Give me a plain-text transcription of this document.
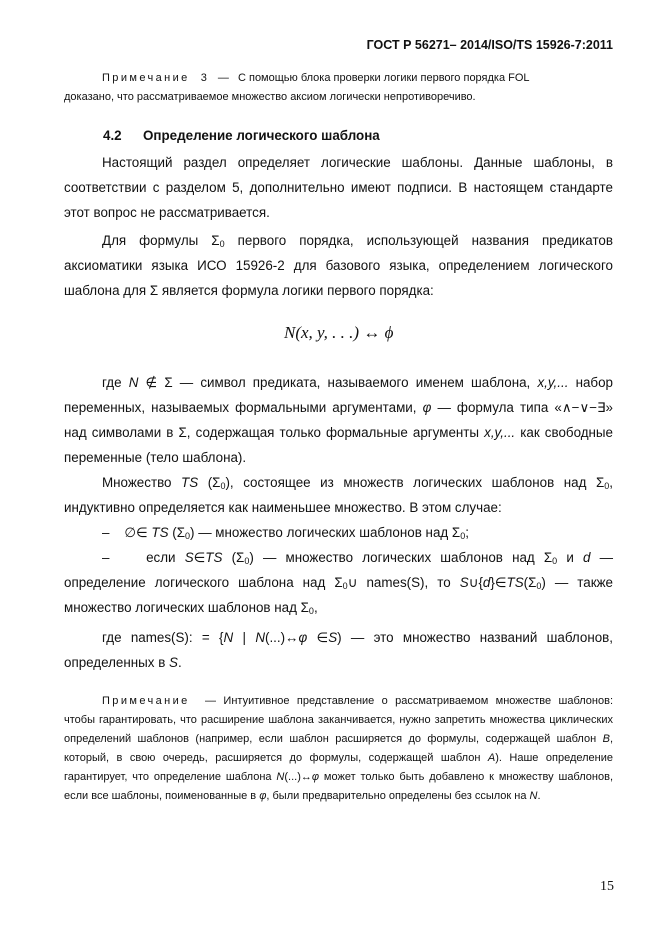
ГОСТ Р 56271– 2014/ISO/TS 15926-7:2011

Примечание 3 — С помощью блока проверки логики первого порядка FOL
доказано, что рассматриваемое множество аксиом логически непротиворечиво.

4.2 Определение логического шаблона

Настоящий раздел определяет логические шаблоны. Данные шаблоны, в соответствии с разделом 5, дополнительно имеют подписи. В настоящем стандарте этот вопрос не рассматривается.

Для формулы $\Sigma_0$ первого порядка, использующей названия предикатов аксиоматики языка ИСО 15926-2 для базового языка, определением логического шаблона для Σ является формула логики первого порядка:

N(x, y, . . .) ↔ ϕ

где N ∉ Σ — символ предиката, называемого именем шаблона, x,y,... набор переменных, называемых формальными аргументами, φ — формула типа «∧−∨−∃» над символами в Σ, содержащая только формальные аргументы x,y,... как свободные переменные (тело шаблона).

Множество TS $(\Sigma_0)$, состоящее из множеств логических шаблонов над $\Sigma_0$, индуктивно определяется как наименьшее множество. В этом случае:

– ∅∈ TS $(\Sigma_0)$ — множество логических шаблонов над $\Sigma_0$;

–	если S∈TS $(\Sigma_0)$ — множество логических шаблонов над $\Sigma_0$ и d — определение логического шаблона над $\Sigma_0\cup$ names(S), то $S\cup\{d\}\in TS(\Sigma_0)$ — также множество логических шаблонов над $\Sigma_0$,

где names(S): = {N | N(...)↔φ ∈S) — это множество названий шаблонов, определенных в S.

Примечание — Интуитивное представление о рассматриваемом множестве шаблонов: чтобы гарантировать, что расширение шаблона заканчивается, нужно запретить множества циклических определений шаблонов (например, если шаблон расширяется до формулы, содержащей шаблон B, который, в свою очередь, расширяется до формулы, содержащей шаблон A). Наше определение гарантирует, что определение шаблона N(...)↔φ может только быть добавлено к множеству шаблонов, если все шаблоны, поименованные в φ, были предварительно определены без ссылок на N.

15
